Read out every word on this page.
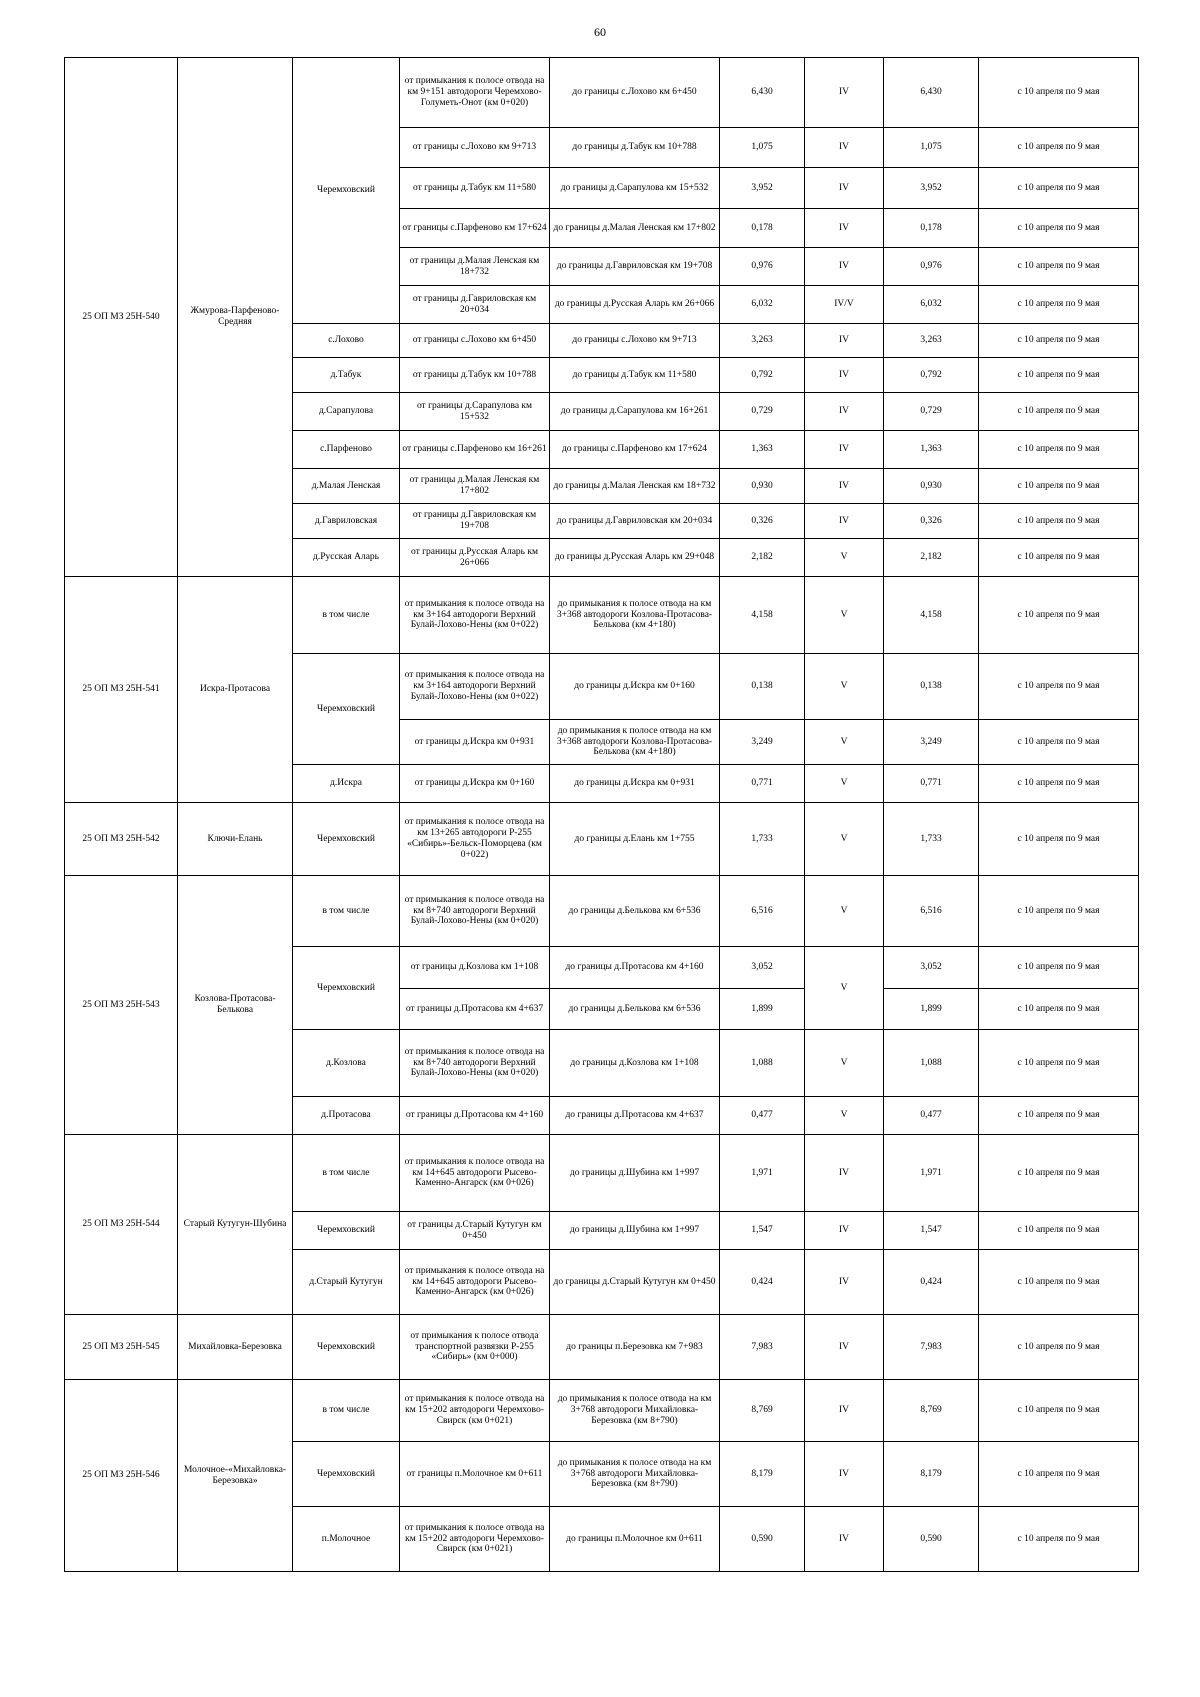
60
25 ОП МЗ 25Н-540	Жмурова-Парфеново-Средняя	Черемховский	от примыкания к полосе отвода на км 9+151 автодороги Черемхово-Голуметь-Онот (км 0+020)	до границы с.Лохово км 6+450	6,430	IV	6,430	с 10 апреля по 9 мая
			от границы с.Лохово км 9+713	до границы д.Табук км 10+788	1,075	IV	1,075	с 10 апреля по 9 мая
			от границы д.Табук км 11+580	до границы д.Сарапулова км 15+532	3,952	IV	3,952	с 10 апреля по 9 мая
			от границы с.Парфеново км 17+624	до границы д.Малая Ленская км 17+802	0,178	IV	0,178	с 10 апреля по 9 мая
			от границы д.Малая Ленская км 18+732	до границы д.Гавриловская км 19+708	0,976	IV	0,976	с 10 апреля по 9 мая
			от границы д.Гавриловская км 20+034	до границы д.Русская Аларь км 26+066	6,032	IV/V	6,032	с 10 апреля по 9 мая
		с.Лохово	от границы с.Лохово км 6+450	до границы с.Лохово км 9+713	3,263	IV	3,263	с 10 апреля по 9 мая
		д.Табук	от границы д.Табук км 10+788	до границы д.Табук км 11+580	0,792	IV	0,792	с 10 апреля по 9 мая
		д.Сарапулова	от границы д.Сарапулова км 15+532	до границы д.Сарапулова км 16+261	0,729	IV	0,729	с 10 апреля по 9 мая
		с.Парфеново	от границы с.Парфеново км 16+261	до границы с.Парфеново км 17+624	1,363	IV	1,363	с 10 апреля по 9 мая
		д.Малая Ленская	от границы д.Малая Ленская км 17+802	до границы д.Малая Ленская км 18+732	0,930	IV	0,930	с 10 апреля по 9 мая
		д.Гавриловская	от границы д.Гавриловская км 19+708	до границы д.Гавриловская км 20+034	0,326	IV	0,326	с 10 апреля по 9 мая
		д.Русская Аларь	от границы д.Русская Аларь км 26+066	до границы д.Русская Аларь км 29+048	2,182	V	2,182	с 10 апреля по 9 мая
25 ОП МЗ 25Н-541	Искра-Протасова	в том числе	от примыкания к полосе отвода на км 3+164 автодороги Верхний Булай-Лохово-Нены (км 0+022)	до примыкания к полосе отвода на км 3+368 автодороги Козлова-Протасова-Белькова (км 4+180)	4,158	V	4,158	с 10 апреля по 9 мая
		Черемховский	от примыкания к полосе отвода на км 3+164 автодороги Верхний Булай-Лохово-Нены (км 0+022)	до границы д.Искра км 0+160	0,138	V	0,138	с 10 апреля по 9 мая
			от границы д.Искра км 0+931	до примыкания к полосе отвода на км 3+368 автодороги Козлова-Протасова-Белькова (км 4+180)	3,249	V	3,249	с 10 апреля по 9 мая
		д.Искра	от границы д.Искра км 0+160	до границы д.Искра км 0+931	0,771	V	0,771	с 10 апреля по 9 мая
25 ОП МЗ 25Н-542	Ключи-Елань	Черемховский	от примыкания к полосе отвода на км 13+265 автодороги Р-255 «Сибирь»-Бельск-Поморцева (км 0+022)	до границы д.Елань км 1+755	1,733	V	1,733	с 10 апреля по 9 мая
25 ОП МЗ 25Н-543	Козлова-Протасова-Белькова	в том числе	от примыкания к полосе отвода на км 8+740 автодороги Верхний Булай-Лохово-Нены (км 0+020)	до границы д.Белькова км 6+536	6,516	V	6,516	с 10 апреля по 9 мая
		Черемховский	от границы д.Козлова км 1+108	до границы д.Протасова км 4+160	3,052	V	3,052	с 10 апреля по 9 мая
			от границы д.Протасова км 4+637	до границы д.Белькова км 6+536	1,899		1,899	с 10 апреля по 9 мая
		д.Козлова	от примыкания к полосе отвода на км 8+740 автодороги Верхний Булай-Лохово-Нены (км 0+020)	до границы д.Козлова км 1+108	1,088	V	1,088	с 10 апреля по 9 мая
		д.Протасова	от границы д.Протасова км 4+160	до границы д.Протасова км 4+637	0,477	V	0,477	с 10 апреля по 9 мая
25 ОП МЗ 25Н-544	Старый Кутугун-Шубина	в том числе	от примыкания к полосе отвода на км 14+645 автодороги Рысево-Каменно-Ангарск (км 0+026)	до границы д.Шубина км 1+997	1,971	IV	1,971	с 10 апреля по 9 мая
		Черемховский	от границы д.Старый Кутугун км 0+450	до границы д.Шубина км 1+997	1,547	IV	1,547	с 10 апреля по 9 мая
		д.Старый Кутугун	от примыкания к полосе отвода на км 14+645 автодороги Рысево-Каменно-Ангарск (км 0+026)	до границы д.Старый Кутугун км 0+450	0,424	IV	0,424	с 10 апреля по 9 мая
25 ОП МЗ 25Н-545	Михайловка-Березовка	Черемховский	от примыкания к полосе отвода транспортной развязки Р-255 «Сибирь» (км 0+000)	до границы п.Березовка км 7+983	7,983	IV	7,983	с 10 апреля по 9 мая
25 ОП МЗ 25Н-546	Молочное-«Михайловка-Березовка»	в том числе	от примыкания к полосе отвода на км 15+202 автодороги Черемхово-Свирск (км 0+021)	до примыкания к полосе отвода на км 3+768 автодороги Михайловка-Березовка (км 8+790)	8,769	IV	8,769	с 10 апреля по 9 мая
		Черемховский	от границы п.Молочное км 0+611	до примыкания к полосе отвода на км 3+768 автодороги Михайловка-Березовка (км 8+790)	8,179	IV	8,179	с 10 апреля по 9 мая
		п.Молочное	от примыкания к полосе отвода на км 15+202 автодороги Черемхово-Свирск (км 0+021)	до границы п.Молочное км 0+611	0,590	IV	0,590	с 10 апреля по 9 мая
